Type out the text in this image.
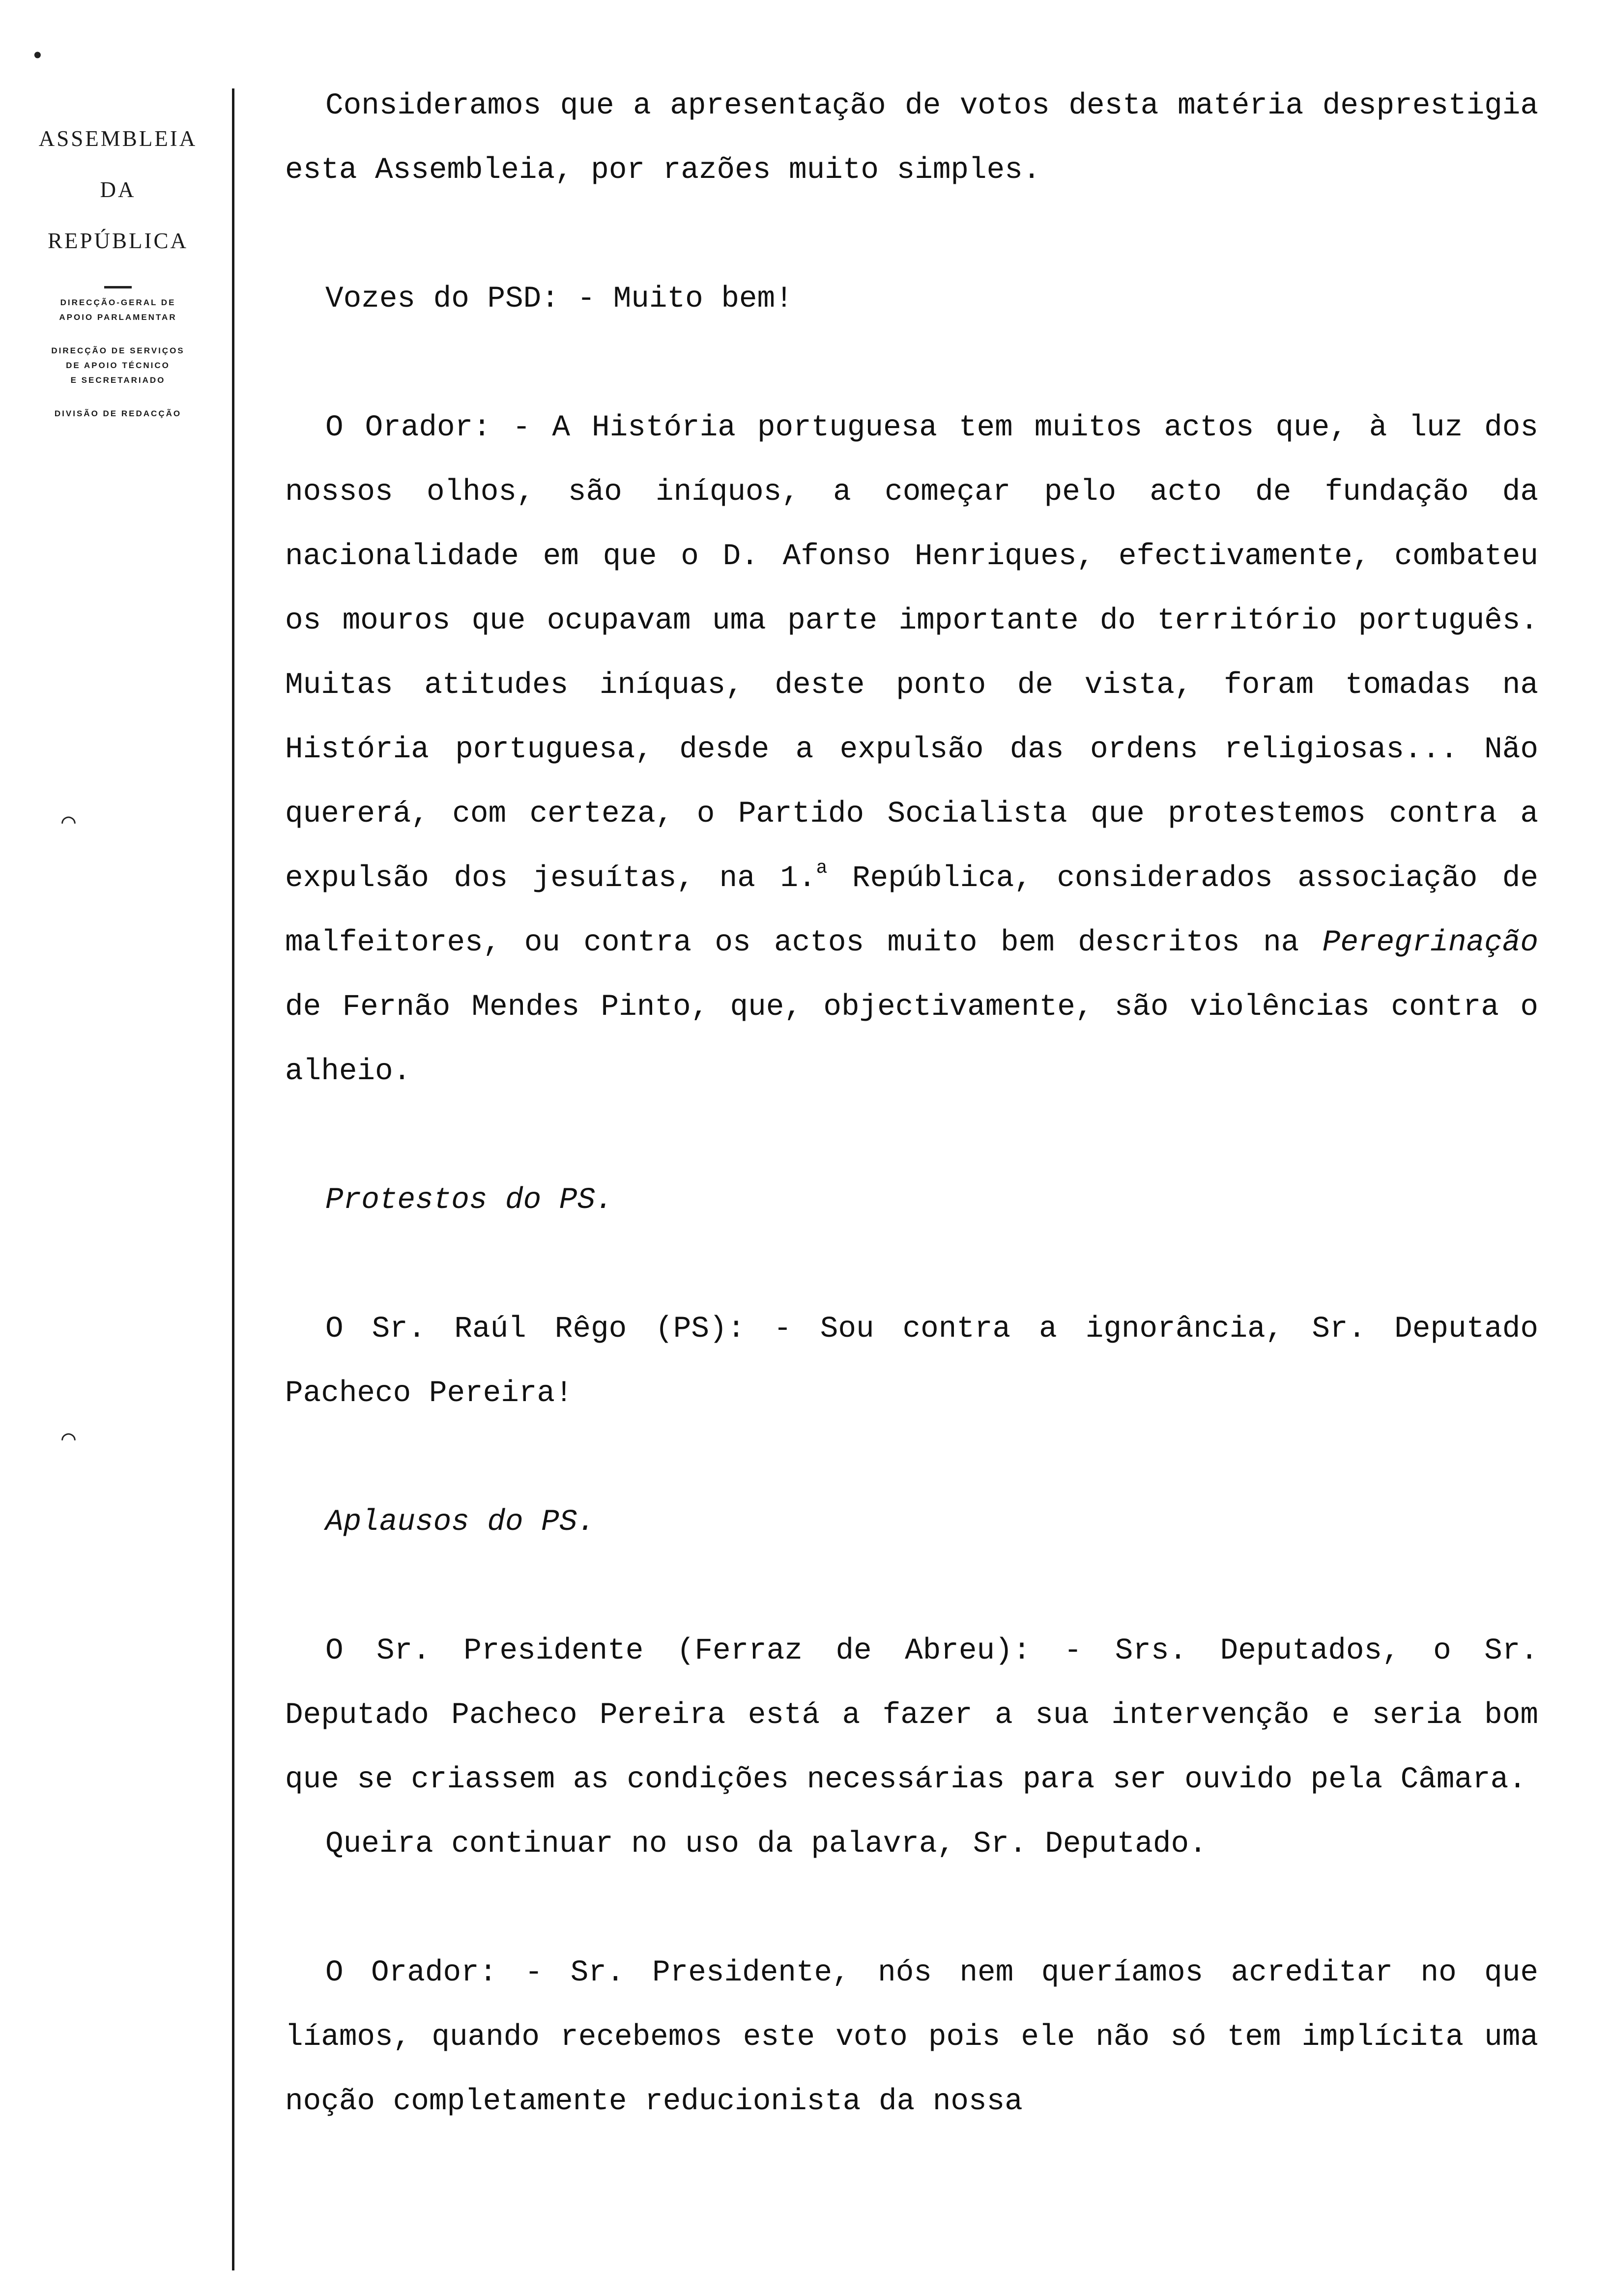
ASSEMBLEIA
DA
REPÚBLICA
DIRECÇÃO-GERAL DE
APOIO PARLAMENTAR
DIRECÇÃO DE SERVIÇOS
DE APOIO TÉCNICO
E SECRETARIADO
DIVISÃO DE REDACÇÃO
•
⌒
⌒

Consideramos que a apresentação de votos desta matéria desprestigia esta Assembleia, por razões muito simples.

Vozes do PSD: - Muito bem!

O Orador: - A História portuguesa tem muitos actos que, à luz dos nossos olhos, são iníquos, a começar pelo acto de fundação da nacionalidade em que o D. Afonso Henriques, efectivamente, combateu os mouros que ocupavam uma parte importante do território português. Muitas atitudes iníquas, deste ponto de vista, foram tomadas na História portuguesa, desde a expulsão das ordens religiosas... Não quererá, com certeza, o Partido Socialista que protestemos contra a expulsão dos jesuítas, na 1.$^a$ República, considerados associação de malfeitores, ou contra os actos muito bem descritos na Peregrinação de Fernão Mendes Pinto, que, objectivamente, são violências contra o alheio.

Protestos do PS.

O Sr. Raúl Rêgo (PS): - Sou contra a ignorância, Sr. Deputado Pacheco Pereira!

Aplausos do PS.

O Sr. Presidente (Ferraz de Abreu): - Srs. Deputados, o Sr. Deputado Pacheco Pereira está a fazer a sua intervenção e seria bom que se criassem as condições necessárias para ser ouvido pela Câmara.

Queira continuar no uso da palavra, Sr. Deputado.

O Orador: - Sr. Presidente, nós nem queríamos acreditar no que líamos, quando recebemos este voto pois ele não só tem implícita uma noção completamente reducionista da nossa
